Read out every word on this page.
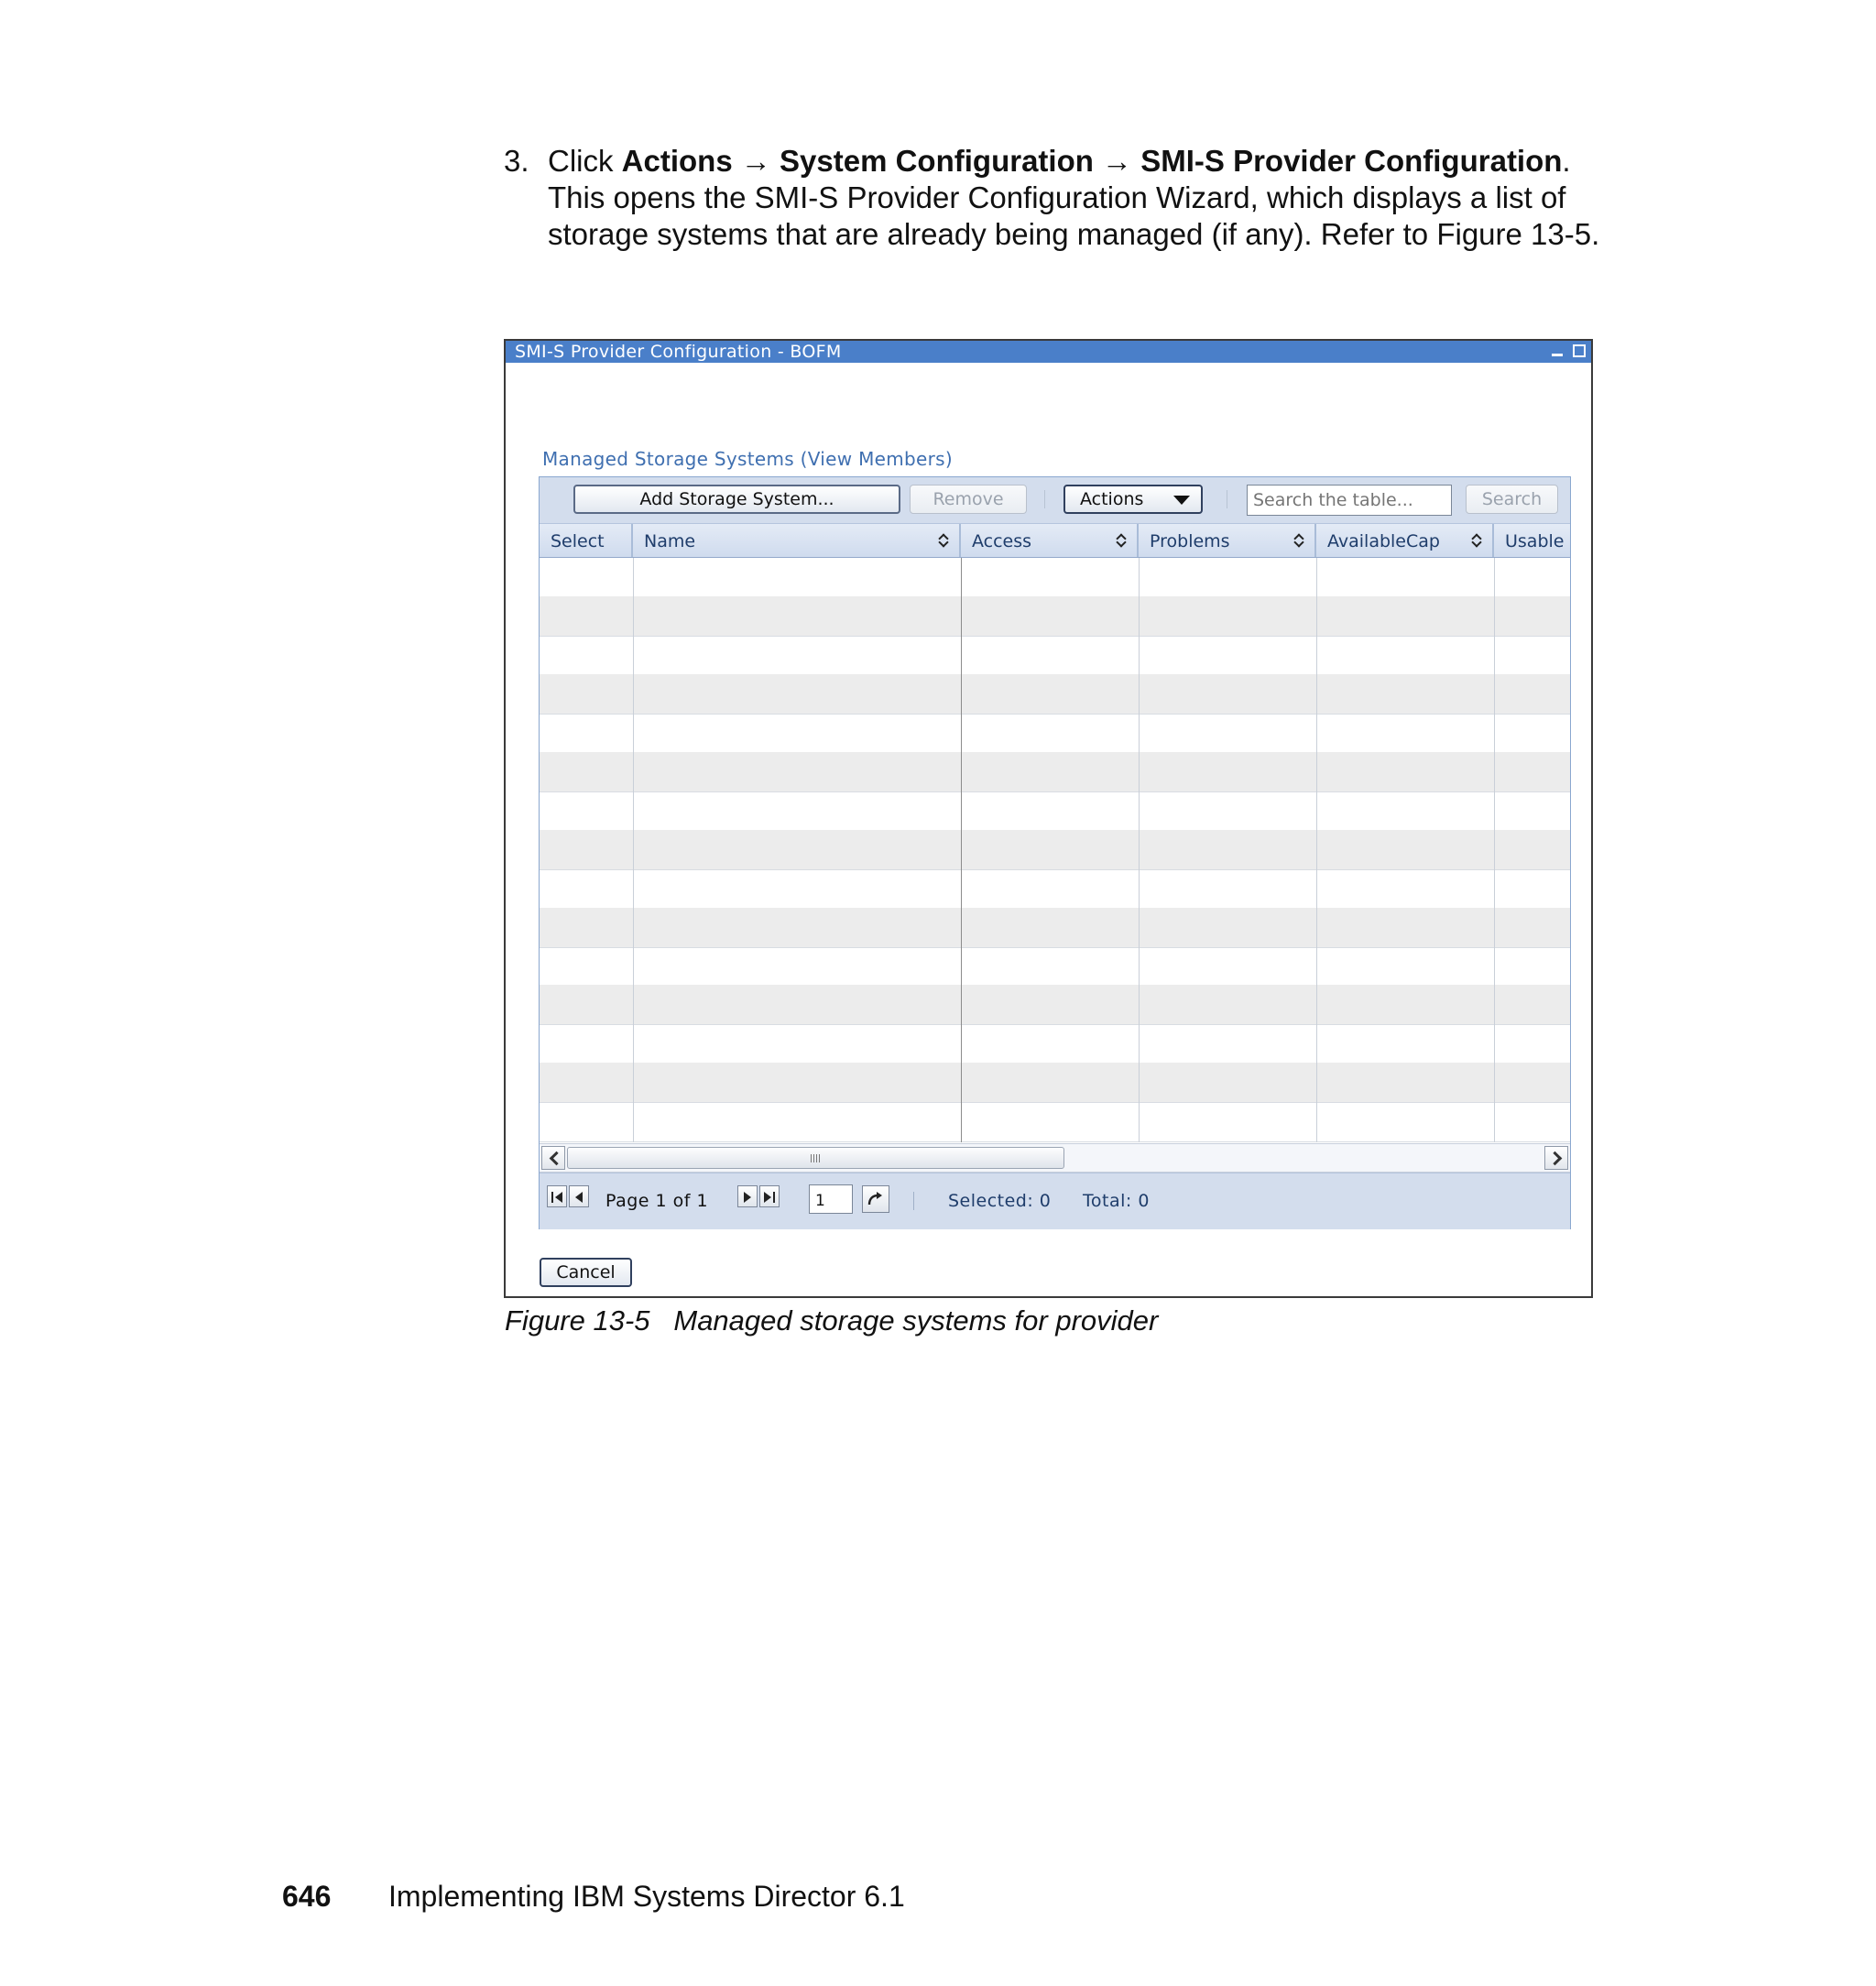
3. Click Actions → System Configuration → SMI-S Provider Configuration. This opens the SMI-S Provider Configuration Wizard, which displays a list of storage systems that are already being managed (if any). Refer to Figure 13-5.
SMI-S Provider Configuration - BOFM
Managed Storage Systems (View Members)
Add Storage System...	Remove	Actions
Search the table...	Search
Select	Name	Access	Problems	AvailableCap	Usable
Page 1 of 1
1	Selected: 0 Total: 0
Cancel
Figure 13-5   Managed storage systems for provider
646 Implementing IBM Systems Director 6.1
